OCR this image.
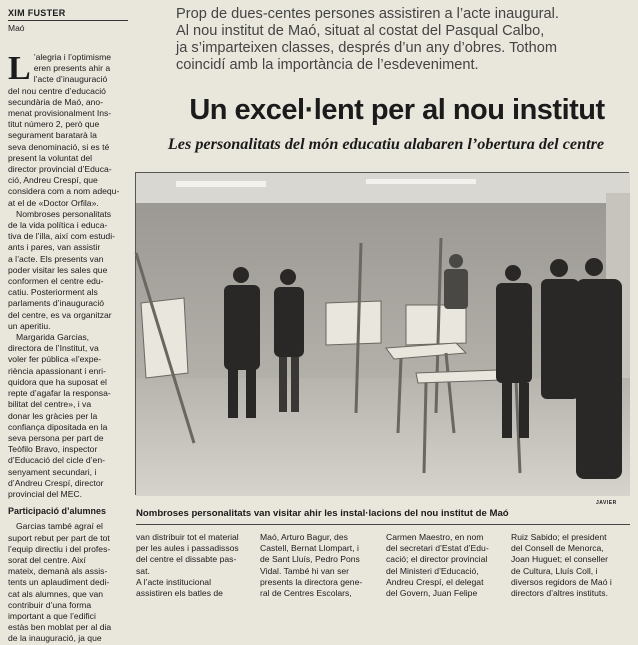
XIM FUSTER
Maó
Prop de dues-centes persones assistiren a l’acte inaugural.
Al nou institut de Maó, situat al costat del Pasqual Calbo,
ja s’imparteixen classes, després d’un any d’obres. Tothom
coincidí amb la importància de l’esdeveniment.
Un excel·lent per al nou institut
Les personalitats del món educatiu alabaren l’obertura del centre
L ’alegria i l’optimisme
eren presents ahir a
l’acte d’inauguració
del nou centre d’educació
secundària de Maó, ano-
menat provisionalment Ins-
titut número 2, però que
segurament baratarà la
seva denominació, si es té
present la voluntat del
director provincial d’Educa-
ció, Andreu Crespí, que
considera com a nom adequ-
at el de «Doctor Orfila».
Nombroses personalitats
de la vida política i educa-
tiva de l’illa, així com estudi-
ants i pares, van assistir
a l’acte. Els presents van
poder visitar les sales que
conformen el centre edu-
catiu. Posteriorment als
parlaments d’inauguració
del centre, es va organitzar
un aperitiu.
Margarida Garcias,
directora de l’Institut, va
voler fer pública «l’expe-
riència apassionant i enri-
quidora que ha suposat el
repte d’agafar la responsa-
bilitat del centre», i va
donar les gràcies per la
confiança dipositada en la
seva persona per part de
Teòfilo Bravo, inspector
d’Educació del cicle d’en-
senyament secundari, i
d’Andreu Crespí, director
provincial del MEC.
Participació d’alumnes
Garcias també agraí el
suport rebut per part de tot
l’equip directiu i del profes-
sorat del centre. Així
mateix, demanà als assis-
tents un aplaudiment dedi-
cat als alumnes, que van
contribuir d’una forma
important a que l’edifici
estàs ben moblat per al dia
de la inauguració, ja que
JAVIER
Nombroses personalitats van visitar ahir les instal·lacions del nou institut de Maó
van distribuir tot el material
per les aules i passadissos
del centre el dissabte pas-
sat.
A l’acte institucional
assistiren els batles de
Maó, Arturo Bagur, des
Castell, Bernat Llompart, i
de Sant Lluís, Pedro Pons
Vidal. També hi van ser
presents la directora gene-
ral de Centres Escolars,
Carmen Maestro, en nom
del secretari d’Estat d’Edu-
cació; el director provincial
del Ministeri d’Educació,
Andreu Crespí, el delegat
del Govern, Juan Felipe
Ruiz Sabido; el president
del Consell de Menorca,
Joan Huguet; el conseller
de Cultura, Lluís Coll, i
diversos regidors de Maó i
directors d’altres instituts.
